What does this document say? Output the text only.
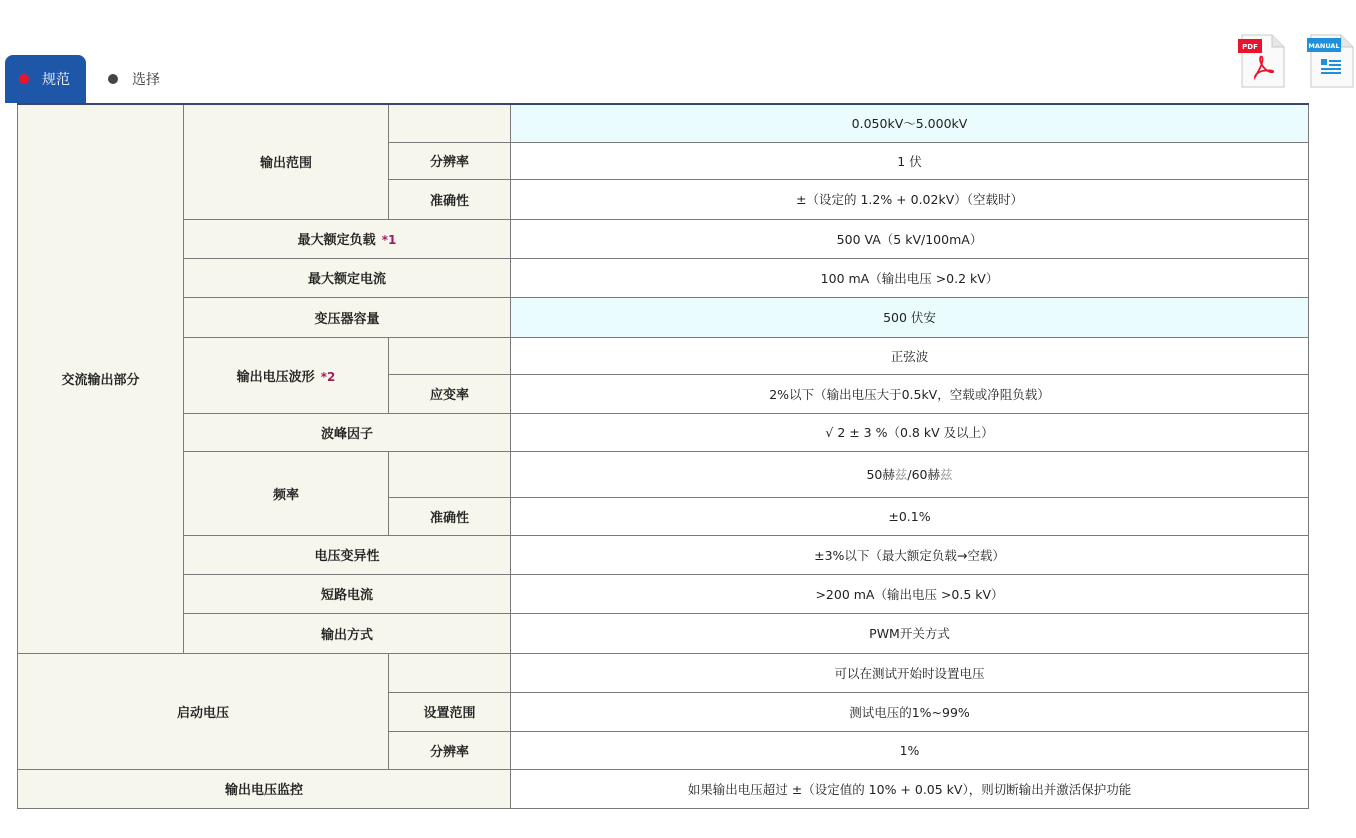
规范	选择
PDF	MANUAL
交流输出部分	输出范围		0.050kV～5.000kV
		分辨率	1 伏
		准确性	±（设定的 1.2% + 0.02kV）（空载时）
	最大额定负载 *1		500 VA（5 kV/100mA）
	最大额定电流		100 mA（输出电压 >0.2 kV）
	变压器容量		500 伏安
	输出电压波形 *2		正弦波
		应变率	2%以下（输出电压大于0.5kV，空载或净阻负载）
	波峰因子		√ 2 ± 3 %（0.8 kV 及以上）
	频率		50赫兹/60赫兹
		准确性	±0.1%
	电压变异性		±3%以下（最大额定负载→空载）
	短路电流		>200 mA（输出电压 >0.5 kV）
	输出方式		PWM开关方式
启动电压			可以在测试开始时设置电压
		设置范围	测试电压的1%~99%
		分辨率	1%
输出电压监控			如果输出电压超过 ±（设定值的 10% + 0.05 kV），则切断输出并激活保护功能
